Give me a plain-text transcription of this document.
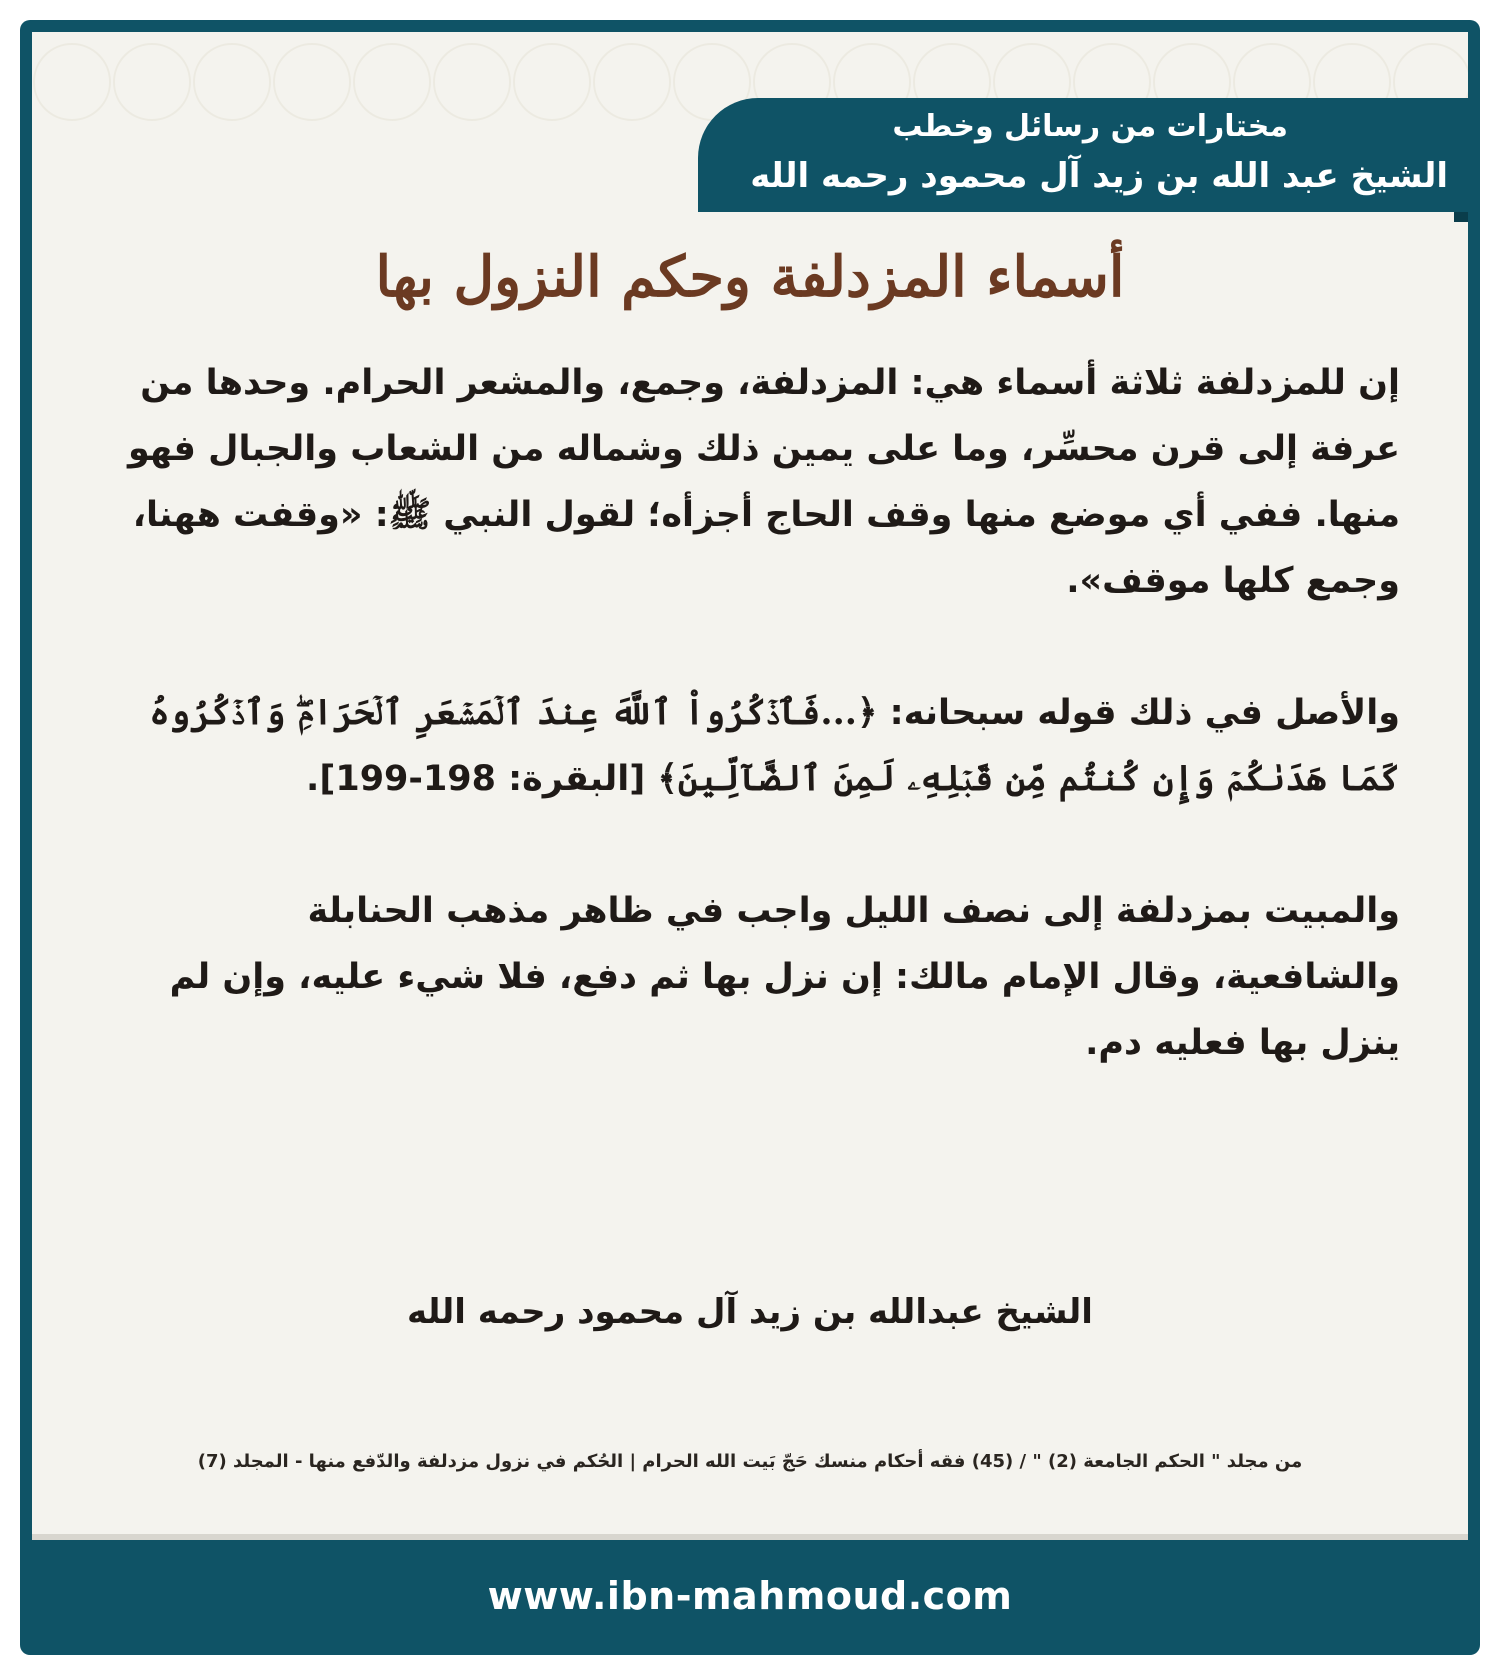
مختارات من رسائل وخطب
الشيخ عبد الله بن زيد آل محمود رحمه الله
أسماء المزدلفة وحكم النزول بها

إن للمزدلفة ثلاثة أسماء هي: المزدلفة، وجمع، والمشعر الحرام. وحدها من عرفة إلى قرن محسِّر، وما على يمين ذلك وشماله من الشعاب والجبال فهو منها. ففي أي موضع منها وقف الحاج أجزأه؛ لقول النبي ﷺ: «وقفت ههنا، وجمع كلها موقف».

والأصل في ذلك قوله سبحانه: ﴿...فَٱذۡكُرُواْ ٱللَّهَ عِندَ ٱلۡمَشۡعَرِ ٱلۡحَرَامِۖ وَٱذۡكُرُوهُ كَمَا هَدَىٰكُمۡ وَإِن كُنتُم مِّن قَبۡلِهِۦ لَمِنَ ٱلضَّآلِّينَ﴾ [البقرة: 198-199].

والمبيت بمزدلفة إلى نصف الليل واجب في ظاهر مذهب الحنابلة والشافعية، وقال الإمام مالك: إن نزل بها ثم دفع، فلا شيء عليه، وإن لم ينزل بها فعليه دم.

الشيخ عبدالله بن زيد آل محمود رحمه الله
من مجلد " الحكم الجامعة (2) " / (45) فقه أحكام منسك حَجّ بَيت الله الحرام | الحُكم في نزول مزدلفة والدّفع منها - المجلد (7)
www.ibn-mahmoud.com
